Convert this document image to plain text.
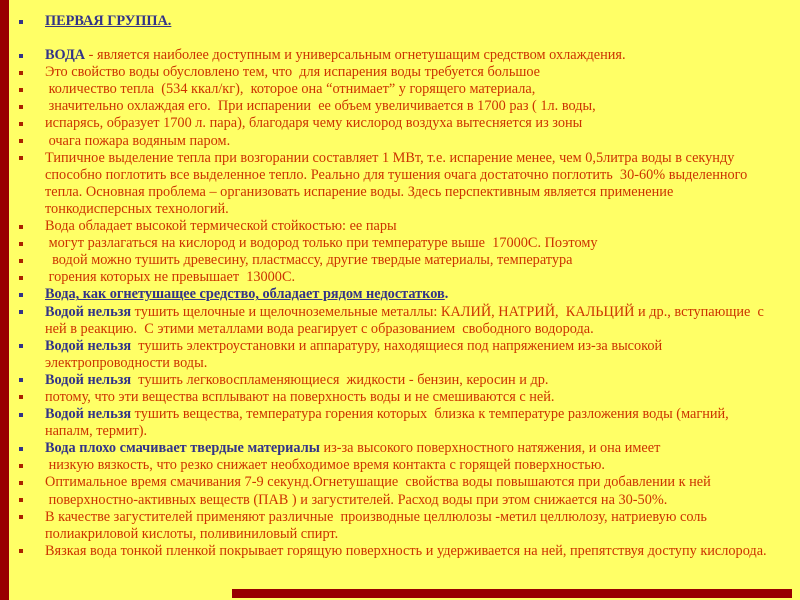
ПЕРВАЯ ГРУППА.
ВОДА - является наиболее доступным и универсальным огнетушащим средством охлаждения.
Это свойство воды обусловлено тем, что  для испарения воды требуется большое
количество тепла  (534 ккал/кг),  которое она “отнимает” у горящего материала,
значительно охлаждая его.  При испарении  ее объем увеличивается в 1700 раз ( 1л. воды,
испарясь, образует 1700 л. пара), благодаря чему кислород воздуха вытесняется из зоны
очага пожара водяным паром.
Типичное выделение тепла при возгорании составляет 1 МВт, т.е. испарение менее, чем 0,5литра воды в секунду способно поглотить все выделенное тепло. Реально для тушения очага достаточно поглотить  30-60% выделенного тепла. Основная проблема – организовать испарение воды. Здесь перспективным является применение тонкодисперсных технологий.
Вода обладает высокой термической стойкостью: ее пары
могут разлагаться на кислород и водород только при температуре выше  17000С. Поэтому
водой можно тушить древесину, пластмассу, другие твердые материалы, температура
горения которых не превышает  13000С.
Вода, как огнетушащее средство, обладает рядом недостатков.
Водой нельзя тушить щелочные и щелочноземельные металлы: КАЛИЙ, НАТРИЙ,  КАЛЬЦИЙ и др., вступающие  с ней в реакцию.  С этими металлами вода реагирует с образованием  свободного водорода.
Водой нельзя  тушить электроустановки и аппаратуру, находящиеся под напряжением из-за высокой электропроводности воды.
Водой нельзя  тушить легковоспламеняющиеся  жидкости - бензин, керосин и др.
потому, что эти вещества всплывают на поверхность воды и не смешиваются с ней.
Водой нельзя тушить вещества, температура горения которых  близка к температуре разложения воды (магний, напалм, термит).
Вода плохо смачивает твердые материалы из-за высокого поверхностного натяжения, и она имеет
низкую вязкость, что резко снижает необходимое время контакта с горящей поверхностью.
Оптимальное время смачивания 7-9 секунд.Огнетушащие  свойства воды повышаются при добавлении к ней
поверхностно-активных веществ (ПАВ ) и загустителей. Расход воды при этом снижается на 30-50%.
В качестве загустителей применяют различные  производные целлюлозы -метил целлюлозу, натриевую соль полиакриловой кислоты, поливиниловый спирт.
Вязкая вода тонкой пленкой покрывает горящую поверхность и удерживается на ней, препятствуя доступу кислорода.
